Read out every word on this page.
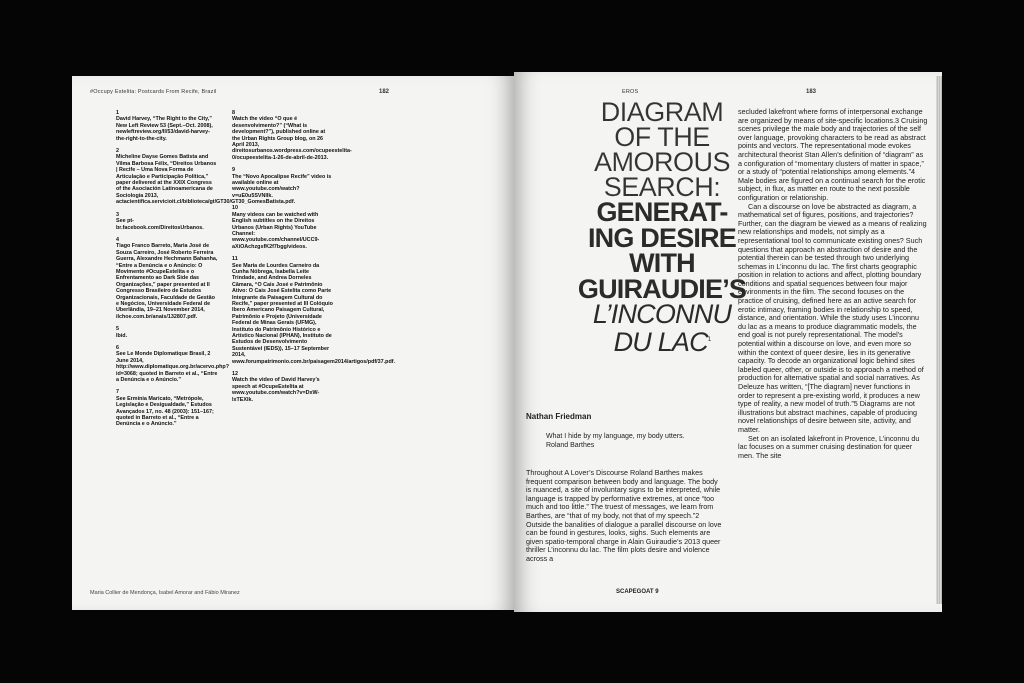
#Occupy Estelita: Postcards From Recife, Brazil	182
1
David Harvey, “The Right to the City,” New Left Review 53 (Sept.–Oct. 2008), newleftreview.org/II/53/david-harvey-the-right-to-the-city.
2
Micheline Dayse Gomes Batista and Vilma Barbosa Félix, “Direitos Urbanos | Recife – Uma Nova Forma de Articulação e Participação Política,” paper delivered at the XXIX Congress of the Asociación Latinoamericana de Sociología 2013, actacientifica.servicioit.cl/biblioteca/gt/GT30/GT30_GomesBatista.pdf.
3
See pt-br.facebook.com/DireitosUrbanos.
4
Tiago Franco Barreto, Maria José de Souza Carreiro, José Roberto Ferreira Guerra, Alexandre Hechmann Bahanha, “Entre a Denúncia e o Anúncio: O Movimento #OcupeEstelita e o Enfrentamento ao Dark Side das Organizações,” paper presented at II Congresso Brasileiro de Estudos Organizacionais, Faculdade de Gestão e Negócios, Universidade Federal de Uberlândia, 19–21 November 2014, ilchoe.com.br/anais/132807.pdf.
5
Ibid.
6
See Le Monde Diplomatique Brasil, 2 June 2014, http://www.diplomatique.org.br/acervo.php?id=3068; quoted in Barreto et al., “Entre a Denúncia e o Anúncio.”
7
See Ermínia Maricato, “Metrópole, Legislação e Desigualdade,” Estudos Avançados 17, no. 48 (2003): 151–167; quoted in Barreto et al., “Entre a Denúncia e o Anúncio.”
8
Watch the video “O que é desenvolvimento?” (“What is development?”), published online at the Urban Rights Group blog, on 26 April 2013, direitosurbanos.wordpress.com/ocupeestelita-0/ocupeestelita-1-26-de-abril-de-2013.
9
The “Novo Apocalipse Recife” video is available online at www.youtube.com/watch?v=uE0u5SVNlIk.
10
Many videos can be watched with English subtitles on the Direitos Urbanos (Urban Rights) YouTube Channel: www.youtube.com/channel/UCC9-aXiOAchzgsfK2f7bgg/videos.
11
See Maria de Lourdes Carneiro da Cunha Nóbrega, Isabella Leite Trindade, and Andrea Dorneles Câmara, “O Cais José e Patrimônio Ativo: O Cais José Estelita como Parte Integrante da Paisagem Cultural do Recife,” paper presented at III Colóquio Ibero Americano Paisagem Cultural, Patrimônio e Projeto (Universidade Federal de Minas Gerais (UFMG), Instituto do Patrimônio Histórico e Artístico Nacional (IPHAN), Instituto de Estudos de Desenvolvimento Sustentável (IEDS)), 15–17 September 2014, www.forumpatrimonio.com.br/paisagem2014/artigos/pdf/37.pdf.
12
Watch the video of David Harvey’s speech at #OcupeEstelita at www.youtube.com/watch?v=DxW-lxTEXlk.
Maria Collier de Mendonça, Isabel Amorar and Fábio Miranez
EROS	183
DIAGRAM
OF THE
AMOROUS
SEARCH:
GENERAT-
ING DESIRE
WITH
GUIRAUDIE’S
L’INCONNU
DU LAC$^1$
Nathan Friedman
What I hide by my language, my body utters.
Roland Barthes

Throughout A Lover’s Discourse Roland Barthes makes frequent comparison between body and language. The body is nuanced, a site of involuntary signs to be interpreted, while language is trapped by performative extremes, at once “too much and too little.” The truest of messages, we learn from Barthes, are “that of my body, not that of my speech.”2 Outside the banalities of dialogue a parallel discourse on love can be found in gestures, looks, sighs. Such elements are given spatio-temporal charge in Alain Guiraudie’s 2013 queer thriller L’inconnu du lac. The film plots desire and violence across a

secluded lakefront where forms of interpersonal exchange are organized by means of site-specific locations.3 Cruising scenes privilege the male body and trajectories of the self over language, provoking characters to be read as abstract points and vectors. The representational mode evokes architectural theorist Stan Allen’s definition of “diagram” as a configuration of “momentary clusters of matter in space,” or a study of “potential relationships among elements.”4 Male bodies are figured on a continual search for the erotic subject, in flux, as matter en route to the next possible configuration or relationship.

Can a discourse on love be abstracted as diagram, a mathematical set of figures, positions, and trajectories? Further, can the diagram be viewed as a means of realizing new relationships and models, not simply as a representational tool to communicate existing ones? Such questions that approach an abstraction of desire and the potential therein can be tested through two underlying schemas in L’inconnu du lac. The first charts geographic position in relation to actions and affect, plotting boundary conditions and spatial sequences between four major environments in the film. The second focuses on the practice of cruising, defined here as an active search for erotic intimacy, framing bodies in relationship to speed, distance, and orientation. While the study uses L’inconnu du lac as a means to produce diagrammatic models, the end goal is not purely representational. The model’s potential within a discourse on love, and even more so within the context of queer desire, lies in its generative capacity. To decode an organizational logic behind sites labeled queer, other, or outside is to approach a method of production for alternative spatial and social narratives. As Deleuze has written, “[The diagram] never functions in order to represent a pre-existing world, it produces a new type of reality, a new model of truth.”5 Diagrams are not illustrations but abstract machines, capable of producing novel relationships of desire between site, activity, and matter.

Set on an isolated lakefront in Provence, L’inconnu du lac focuses on a summer cruising destination for queer men. The site

SCAPEGOAT 9
